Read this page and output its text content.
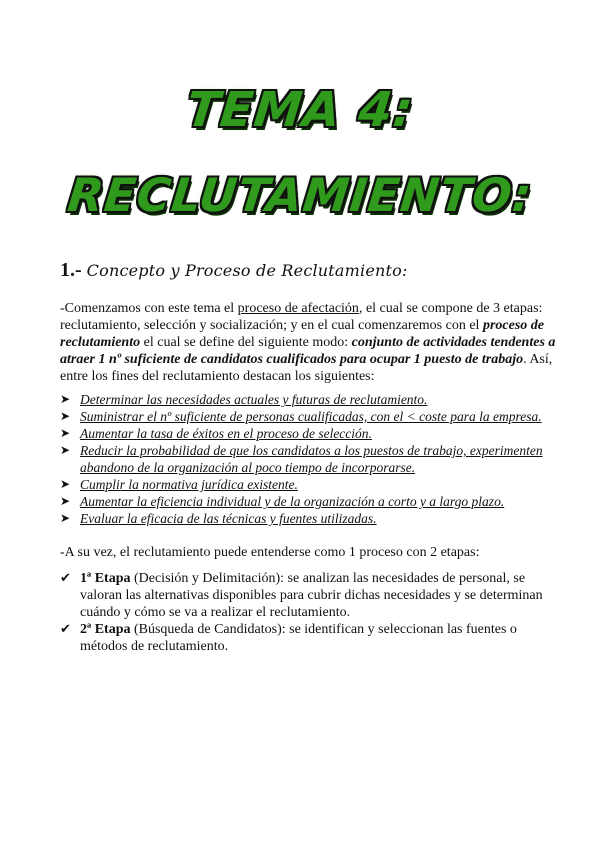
TEMA 4:
RECLUTAMIENTO:
1.- Concepto y Proceso de Reclutamiento:
-Comenzamos con este tema el proceso de afectación, el cual se compone de 3 etapas: reclutamiento, selección y socialización; y en el cual comenzaremos con el proceso de reclutamiento el cual se define del siguiente modo: conjunto de actividades tendentes a atraer 1 nº suficiente de candidatos cualificados para ocupar 1 puesto de trabajo. Así, entre los fines del reclutamiento destacan los siguientes:
➤ Determinar las necesidades actuales y futuras de reclutamiento.
➤ Suministrar el nº suficiente de personas cualificadas, con el < coste para la empresa.
➤ Aumentar la tasa de éxitos en el proceso de selección.
➤ Reducir la probabilidad de que los candidatos a los puestos de trabajo, experimenten abandono de la organización al poco tiempo de incorporarse.
➤ Cumplir la normativa jurídica existente.
➤ Aumentar la eficiencia individual y de la organización a corto y a largo plazo.
➤ Evaluar la eficacia de las técnicas y fuentes utilizadas.
-A su vez, el reclutamiento puede entenderse como 1 proceso con 2 etapas:
✔ 1ª Etapa (Decisión y Delimitación): se analizan las necesidades de personal, se valoran las alternativas disponibles para cubrir dichas necesidades y se determinan cuándo y cómo se va a realizar el reclutamiento.
✔ 2ª Etapa (Búsqueda de Candidatos): se identifican y seleccionan las fuentes o métodos de reclutamiento.
